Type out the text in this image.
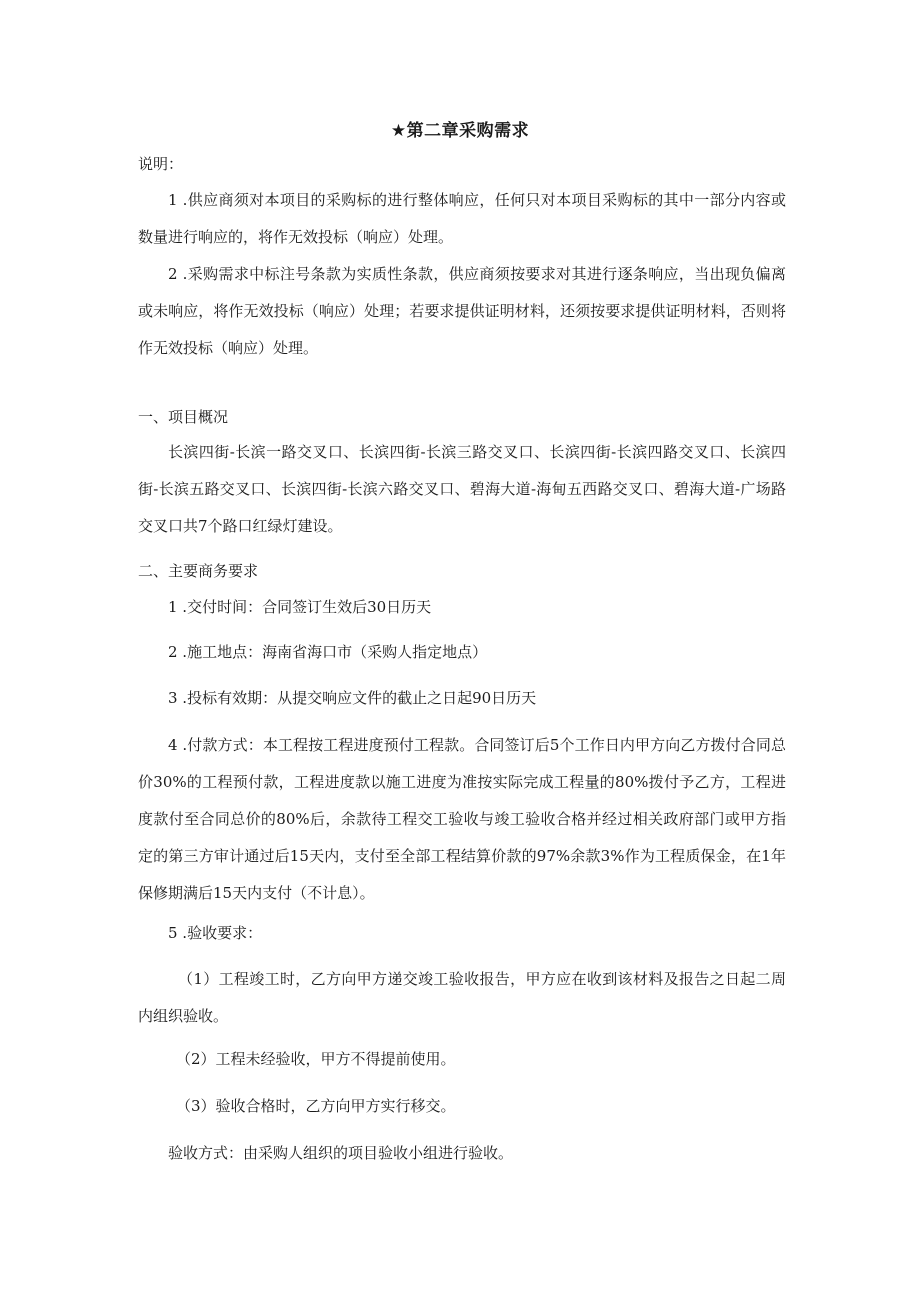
★第二章采购需求
说明：
1 .供应商须对本项目的采购标的进行整体响应，任何只对本项目采购标的其中一部分内容或数量进行响应的，将作无效投标（响应）处理。
2 .采购需求中标注号条款为实质性条款，供应商须按要求对其进行逐条响应，当出现负偏离或未响应，将作无效投标（响应）处理；若要求提供证明材料，还须按要求提供证明材料，否则将作无效投标（响应）处理。
一、项目概况
长滨四街-长滨一路交叉口、长滨四街-长滨三路交叉口、长滨四街-长滨四路交叉口、长滨四街-长滨五路交叉口、长滨四街-长滨六路交叉口、碧海大道-海甸五西路交叉口、碧海大道-广场路交叉口共7个路口红绿灯建设。
二、主要商务要求
1 .交付时间：合同签订生效后30日历天
2 .施工地点：海南省海口市（采购人指定地点）
3 .投标有效期：从提交响应文件的截止之日起90日历天
4 .付款方式：本工程按工程进度预付工程款。合同签订后5个工作日内甲方向乙方拨付合同总价30%的工程预付款，工程进度款以施工进度为准按实际完成工程量的80%拨付予乙方，工程进度款付至合同总价的80%后，余款待工程交工验收与竣工验收合格并经过相关政府部门或甲方指定的第三方审计通过后15天内，支付至全部工程结算价款的97%余款3%作为工程质保金，在1年保修期满后15天内支付（不计息）。
5 .验收要求：
（1）工程竣工时，乙方向甲方递交竣工验收报告，甲方应在收到该材料及报告之日起二周内组织验收。
（2）工程未经验收，甲方不得提前使用。
（3）验收合格时，乙方向甲方实行移交。
验收方式：由采购人组织的项目验收小组进行验收。
